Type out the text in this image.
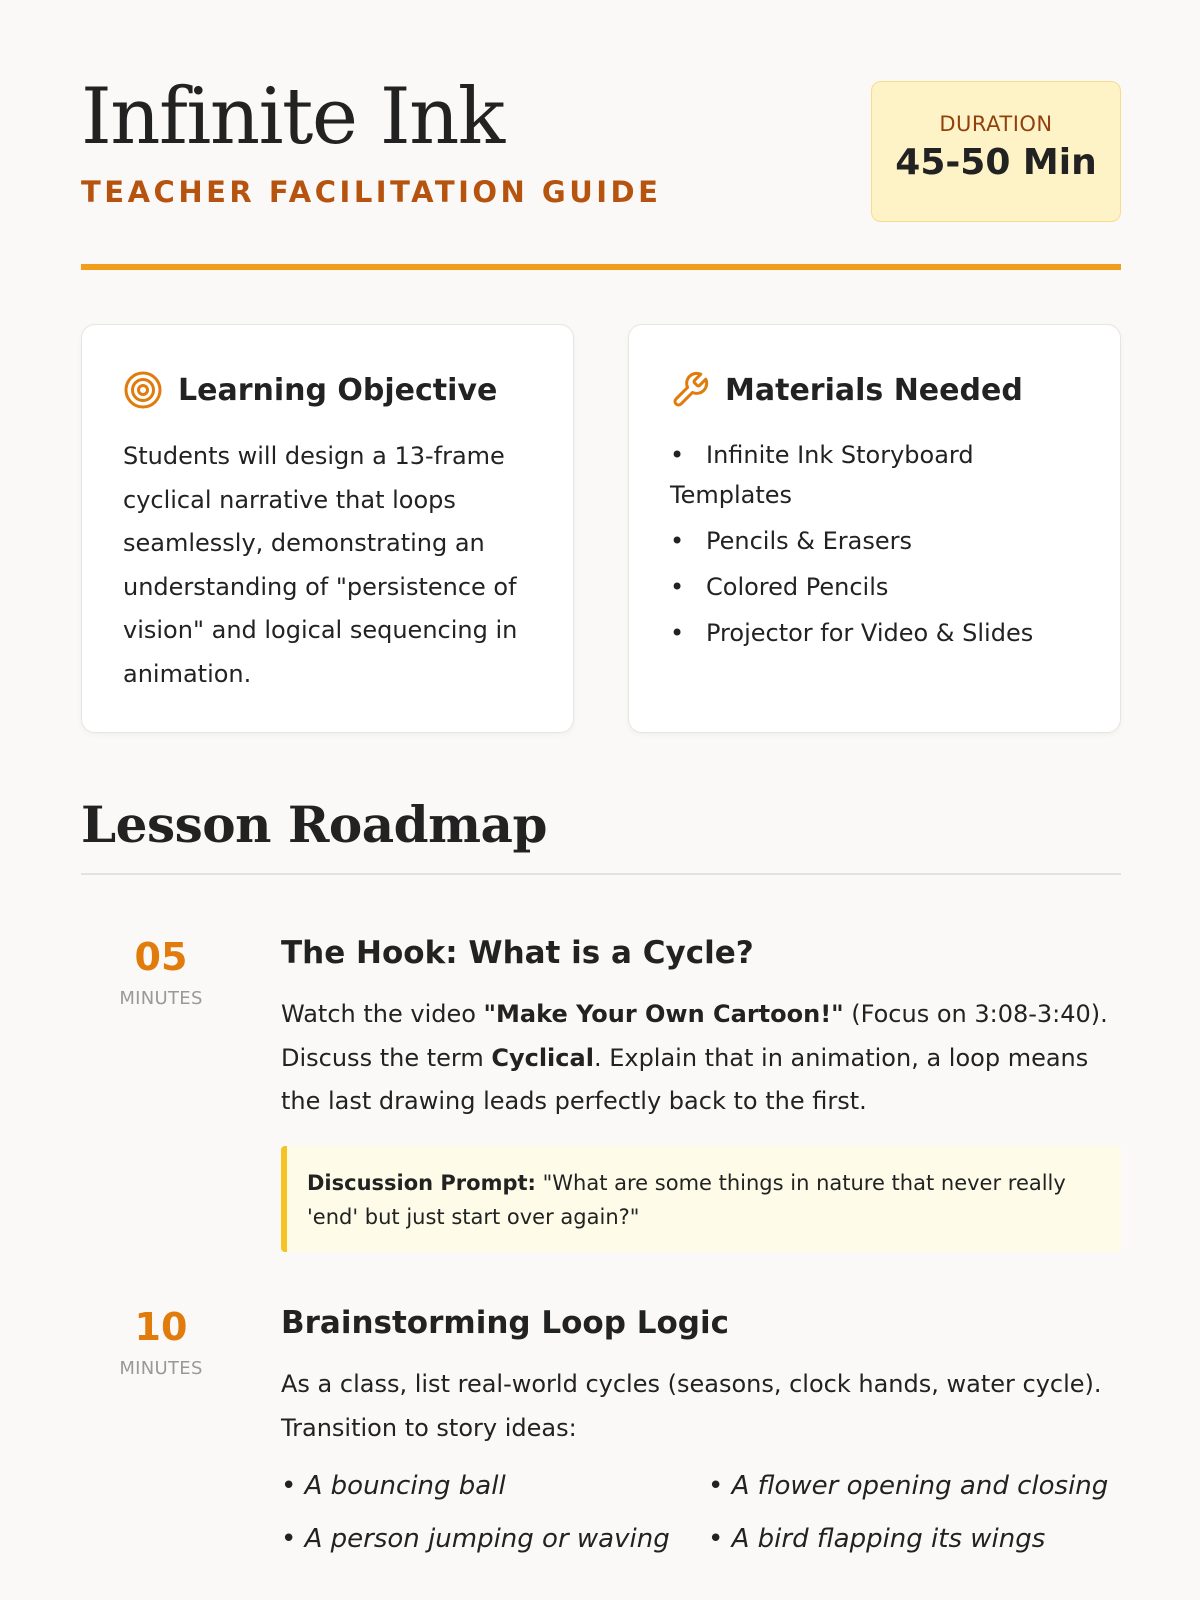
Infinite Ink
TEACHER FACILITATION GUIDE
DURATION
45-50 Min
Learning Objective

Students will design a 13-frame cyclical narrative that loops seamlessly, demonstrating an understanding of "persistence of vision" and logical sequencing in animation.

Materials Needed
• Infinite Ink Storyboard Templates
• Pencils & Erasers
• Colored Pencils
• Projector for Video & Slides
Lesson Roadmap
05
MINUTES
The Hook: What is a Cycle?

Watch the video "Make Your Own Cartoon!" (Focus on 3:08-3:40). Discuss the term Cyclical. Explain that in animation, a loop means the last drawing leads perfectly back to the first.

Discussion Prompt: "What are some things in nature that never really 'end' but just start over again?"
10
MINUTES
Brainstorming Loop Logic

As a class, list real-world cycles (seasons, clock hands, water cycle). Transition to story ideas:

• A bouncing ball	• A flower opening and closing
• A person jumping or waving	• A bird flapping its wings
